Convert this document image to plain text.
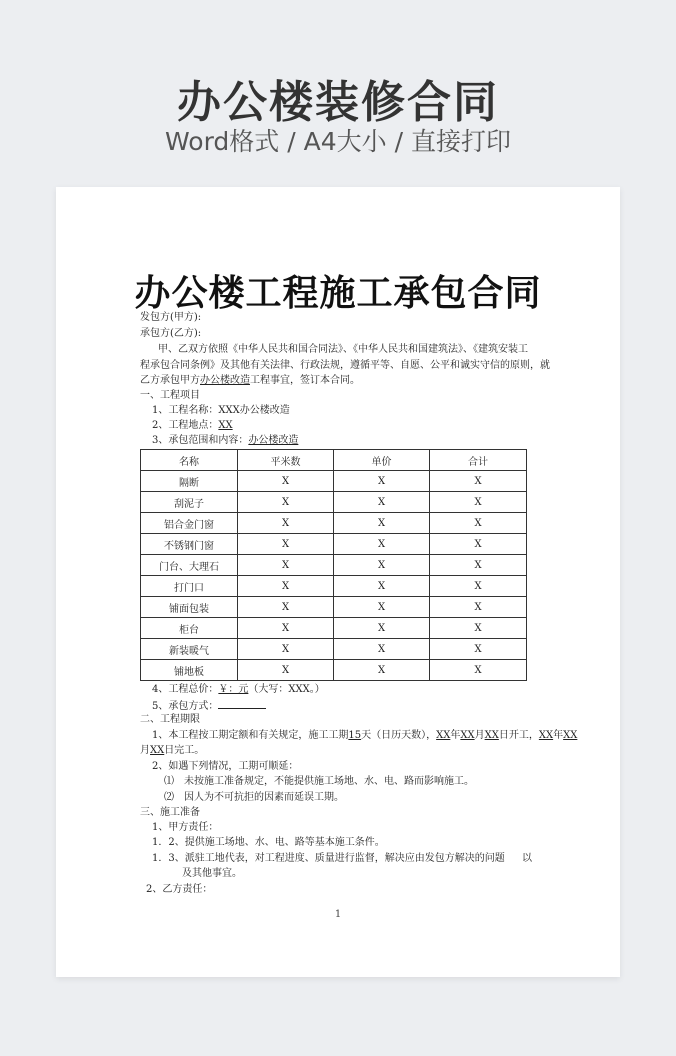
办公楼装修合同
Word格式 / A4大小 / 直接打印
办公楼工程施工承包合同
发包方(甲方):
承包方(乙方):
甲、乙双方依照《中华人民共和国合同法》、《中华人民共和国建筑法》、《建筑安装工
程承包合同条例》及其他有关法律、行政法规，遵循平等、自愿、公平和诚实守信的原则，就
乙方承包甲方办公楼改造工程事宜，签订本合同。
一、工程项目
1、工程名称：XXX办公楼改造
2、工程地点：XX
3、承包范围和内容：办公楼改造
名称	平米数	单价	合计
隔断	X	X	X
刮泥子	X	X	X
铝合金门窗	X	X	X
不锈钢门窗	X	X	X
门台、大理石	X	X	X
打门口	X	X	X
铺面包装	X	X	X
柜台	X	X	X
新装暖气	X	X	X
铺地板	X	X	X
4、工程总价：￥：元（大写：XXX。）
5、承包方式：
二、工程期限
1、本工程按工期定额和有关规定，施工工期15天（日历天数），XX年XX月XX日开工，XX年XX
月XX日完工。
2、如遇下列情况，工期可顺延：
⑴　未按施工准备规定，不能提供施工场地、水、电、路而影响施工。
⑵　因人为不可抗拒的因素而延误工期。
三、施工准备
1、甲方责任：
1．2、提供施工场地、水、电、路等基本施工条件。
1．3、派驻工地代表，对工程进度、质量进行监督，解决应由发包方解决的问题 以
及其他事宜。
2、乙方责任：
1
